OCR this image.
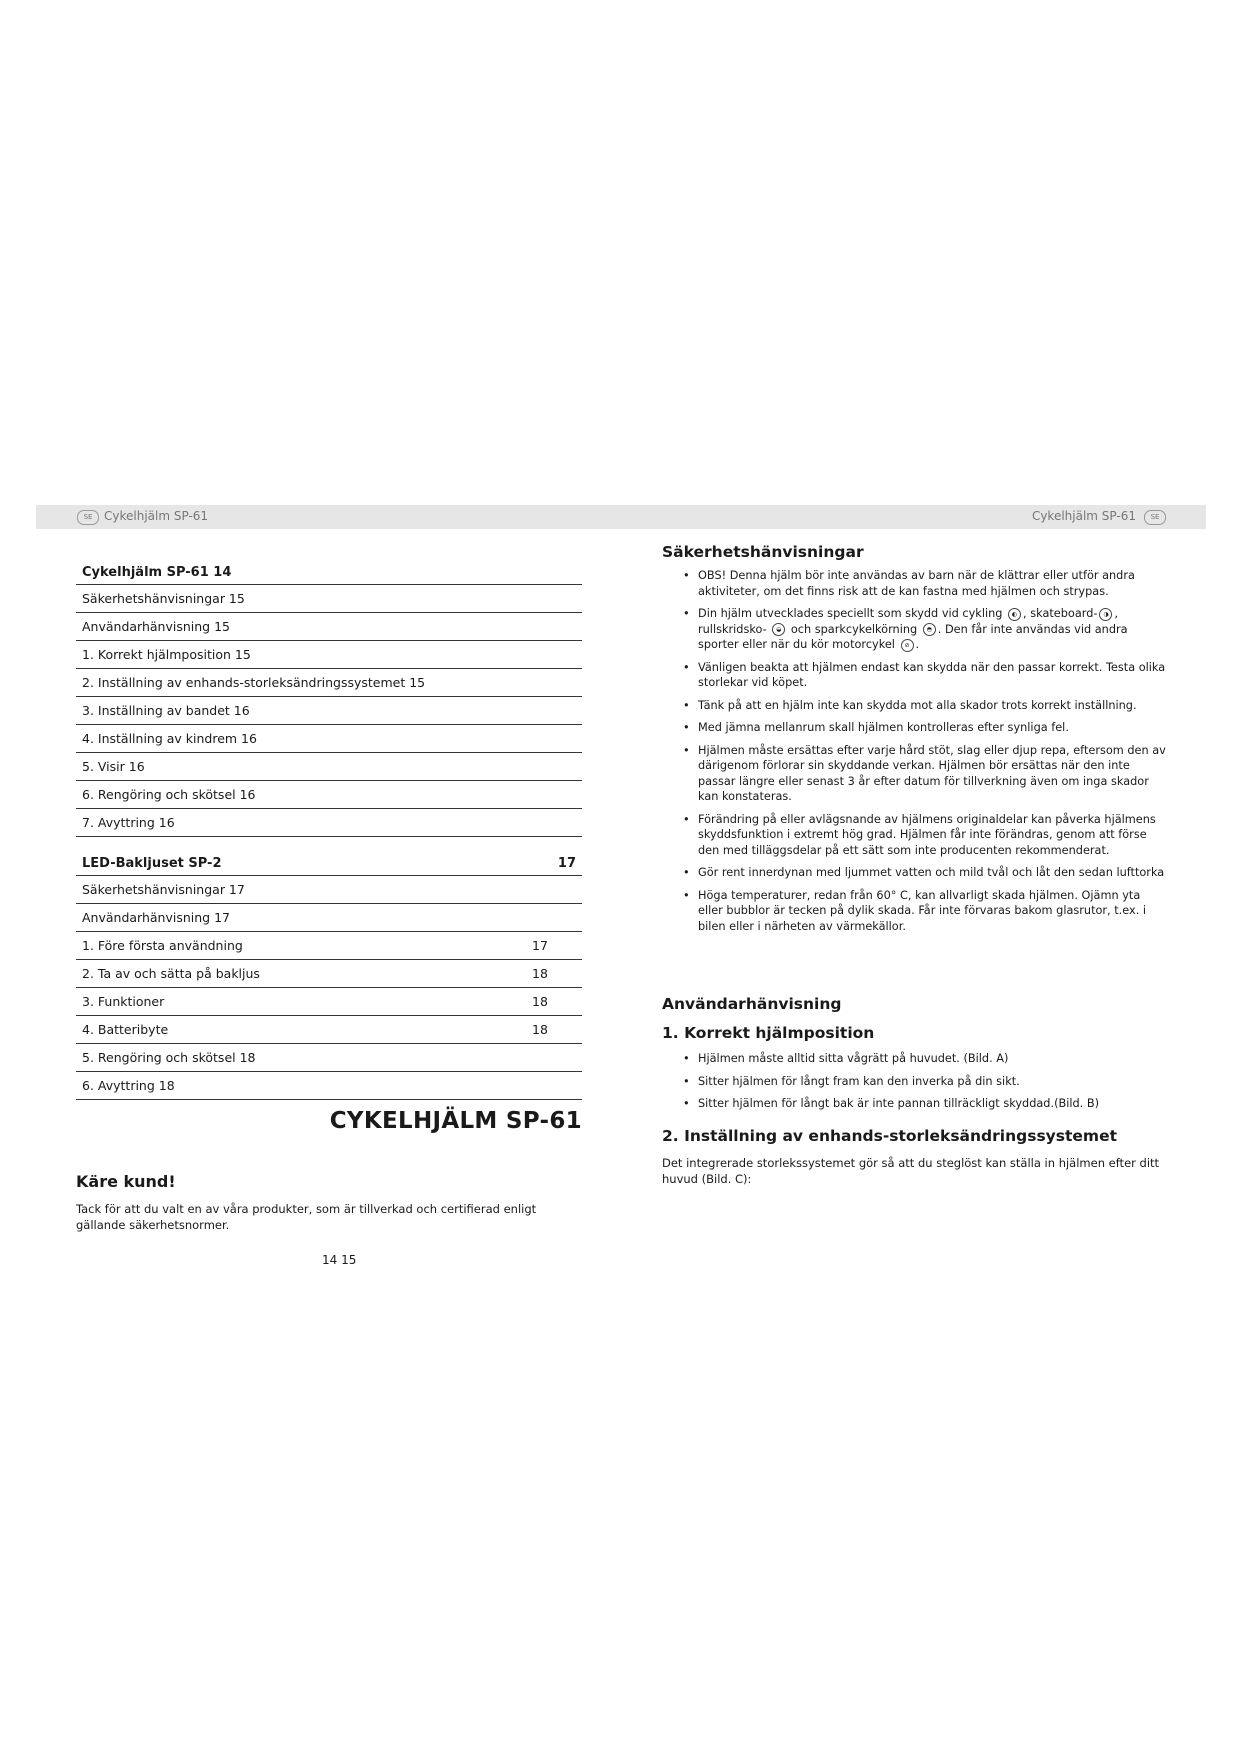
SE Cykelhjälm SP-61	Cykelhjälm SP-61	SE
Cykelhjälm SP-61 14
Säkerhetshänvisningar 15
Användarhänvisning 15
1. Korrekt hjälmposition 15
2. Inställning av enhands-storleksändringssystemet 15
3. Inställning av bandet 16
4. Inställning av kindrem 16
5. Visir 16
6. Rengöring och skötsel 16
7. Avyttring 16
LED-Bakljuset SP-2	17
Säkerhetshänvisningar 17
Användarhänvisning 17
1. Före första användning	17
2. Ta av och sätta på bakljus	18
3. Funktioner	18
4. Batteribyte	18
5. Rengöring och skötsel 18
6. Avyttring 18
CYKELHJÄLM SP-61
Käre kund!
Tack för att du valt en av våra produkter, som är tillverkad och certifierad enligt gällande säkerhetsnormer.
14 15
Säkerhetshänvisningar
• OBS! Denna hjälm bör inte användas av barn när de klättrar eller utför andra aktiviteter, om det finns risk att de kan fastna med hjälmen och strypas.
• Din hjälm utvecklades speciellt som skydd vid cykling ◐ , skateboard- ◑ , rullskridsko- ◒ och sparkcykelkörning ◓ . Den får inte användas vid andra sporter eller när du kör motorcykel ⊘ .
• Vänligen beakta att hjälmen endast kan skydda när den passar korrekt. Testa olika storlekar vid köpet.
• Tänk på att en hjälm inte kan skydda mot alla skador trots korrekt inställning.
• Med jämna mellanrum skall hjälmen kontrolleras efter synliga fel.
• Hjälmen måste ersättas efter varje hård stöt, slag eller djup repa, eftersom den av därigenom förlorar sin skyddande verkan. Hjälmen bör ersättas när den inte passar längre eller senast 3 år efter datum för tillverkning även om inga skador kan konstateras.
• Förändring på eller avlägsnande av hjälmens originaldelar kan påverka hjälmens skyddsfunktion i extremt hög grad. Hjälmen får inte förändras, genom att förse den med tilläggsdelar på ett sätt som inte producenten rekommenderat.
• Gör rent innerdynan med ljummet vatten och mild tvål och låt den sedan lufttorka
• Höga temperaturer, redan från 60° C, kan allvarligt skada hjälmen. Ojämn yta eller bubblor är tecken på dylik skada. Får inte förvaras bakom glasrutor, t.ex. i bilen eller i närheten av värmekällor.
Användarhänvisning
1. Korrekt hjälmposition
• Hjälmen måste alltid sitta vågrätt på huvudet. (Bild. A)
• Sitter hjälmen för långt fram kan den inverka på din sikt.
• Sitter hjälmen för långt bak är inte pannan tillräckligt skyddad.(Bild. B)
2. Inställning av enhands-storleksändringssystemet
Det integrerade storlekssystemet gör så att du steglöst kan ställa in hjälmen efter ditt huvud (Bild. C):
